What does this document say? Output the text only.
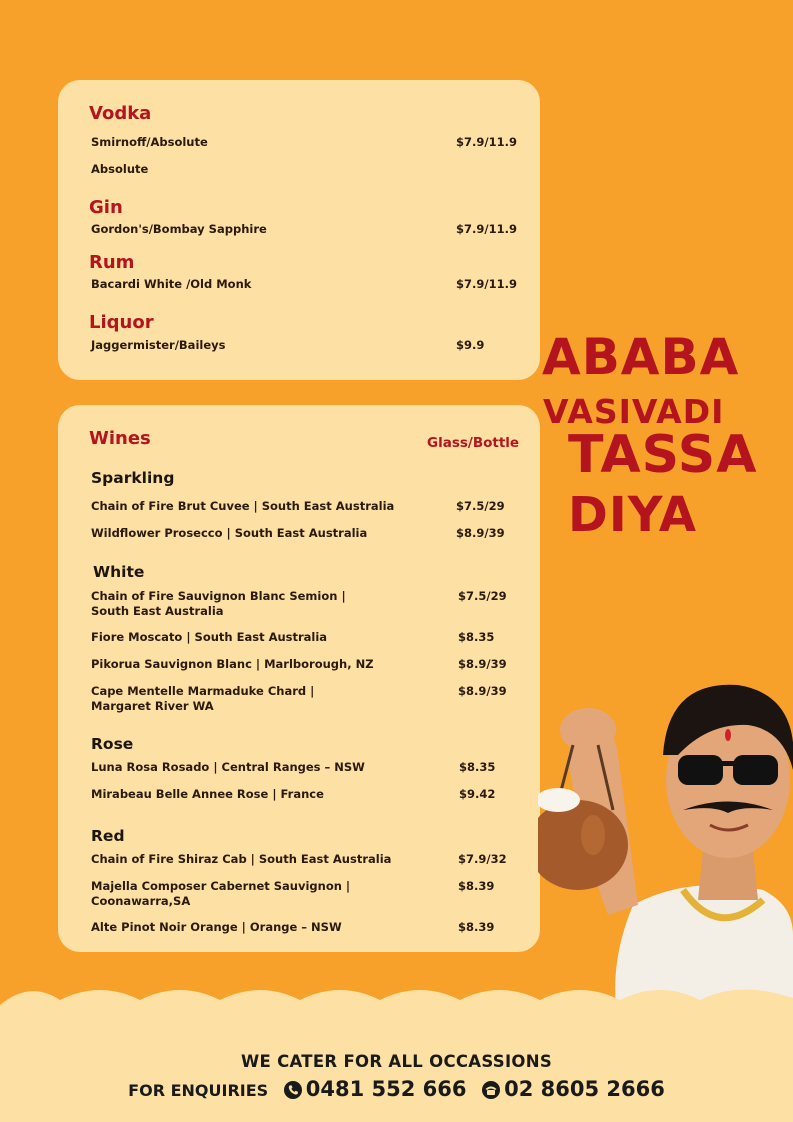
Vodka
Smirnoff/Absolute	$7.9/11.9
Absolute
Gin
Gordon's/Bombay Sapphire	$7.9/11.9
Rum
Bacardi White /Old Monk	$7.9/11.9
Liquor
Jaggermister/Baileys	$9.9
Wines	Glass/Bottle
Sparkling
Chain of Fire Brut Cuvee | South East Australia	$7.5/29
Wildflower Prosecco | South East Australia	$8.9/39
White
Chain of Fire Sauvignon Blanc Semion | South East Australia
$7.5/29
Fiore Moscato | South East Australia	$8.35
Pikorua Sauvignon Blanc | Marlborough, NZ	$8.9/39
Cape Mentelle Marmaduke Chard | Margaret River WA
$8.9/39
Rose
Luna Rosa Rosado | Central Ranges – NSW	$8.35
Mirabeau Belle Annee Rose | France	$9.42
Red
Chain of Fire Shiraz Cab | South East Australia	$7.9/32
Majella Composer Cabernet Sauvignon | Coonawarra,SA
$8.39
Alte Pinot Noir Orange | Orange – NSW	$8.39
ABABA
VASIVADI
TASSA
DIYA
WE CATER FOR ALL OCCASSIONS
FOR ENQUIRIES 0481 552 666 02 8605 2666
